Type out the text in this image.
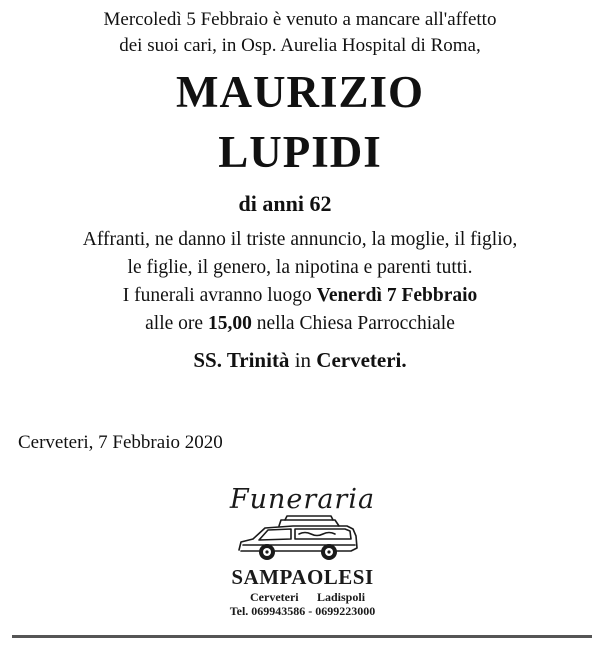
Mercoledì 5 Febbraio è venuto a mancare all'affetto
dei suoi cari, in Osp. Aurelia Hospital di Roma,
MAURIZIO
LUPIDI
di anni 62
Affranti, ne danno il triste annuncio, la moglie, il figlio,
le figlie, il genero, la nipotina e parenti tutti.
I funerali avranno luogo Venerdì 7 Febbraio
alle ore 15,00 nella Chiesa Parrocchiale
SS. Trinità in Cerveteri.
Cerveteri, 7 Febbraio 2020
Funeraria
SAMPAOLESI
Cerveteri Ladispoli
Tel. 069943586 - 0699223000
